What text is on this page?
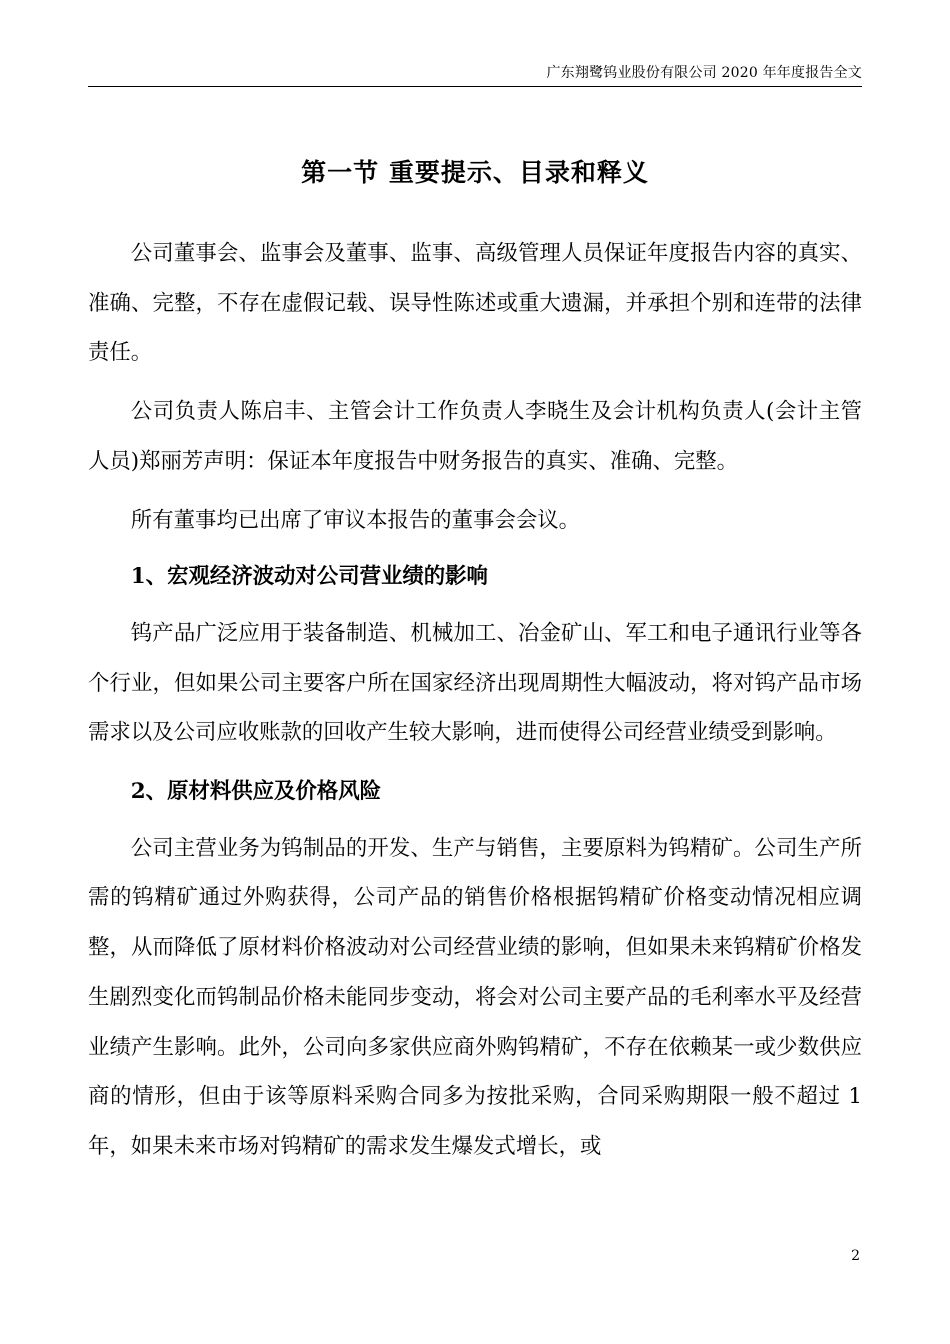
广东翔鹭钨业股份有限公司 2020 年年度报告全文
第一节 重要提示、目录和释义

公司董事会、监事会及董事、监事、高级管理人员保证年度报告内容的真实、准确、完整，不存在虚假记载、误导性陈述或重大遗漏，并承担个别和连带的法律责任。

公司负责人陈启丰、主管会计工作负责人李晓生及会计机构负责人(会计主管人员)郑丽芳声明：保证本年度报告中财务报告的真实、准确、完整。

所有董事均已出席了审议本报告的董事会会议。

1、宏观经济波动对公司营业绩的影响

钨产品广泛应用于装备制造、机械加工、冶金矿山、军工和电子通讯行业等各个行业，但如果公司主要客户所在国家经济出现周期性大幅波动，将对钨产品市场需求以及公司应收账款的回收产生较大影响，进而使得公司经营业绩受到影响。

2、原材料供应及价格风险

公司主营业务为钨制品的开发、生产与销售，主要原料为钨精矿。公司生产所需的钨精矿通过外购获得，公司产品的销售价格根据钨精矿价格变动情况相应调整，从而降低了原材料价格波动对公司经营业绩的影响，但如果未来钨精矿价格发生剧烈变化而钨制品价格未能同步变动，将会对公司主要产品的毛利率水平及经营业绩产生影响。此外，公司向多家供应商外购钨精矿，不存在依赖某一或少数供应商的情形，但由于该等原料采购合同多为按批采购，合同采购期限一般不超过 1 年，如果未来市场对钨精矿的需求发生爆发式增长，或

2
